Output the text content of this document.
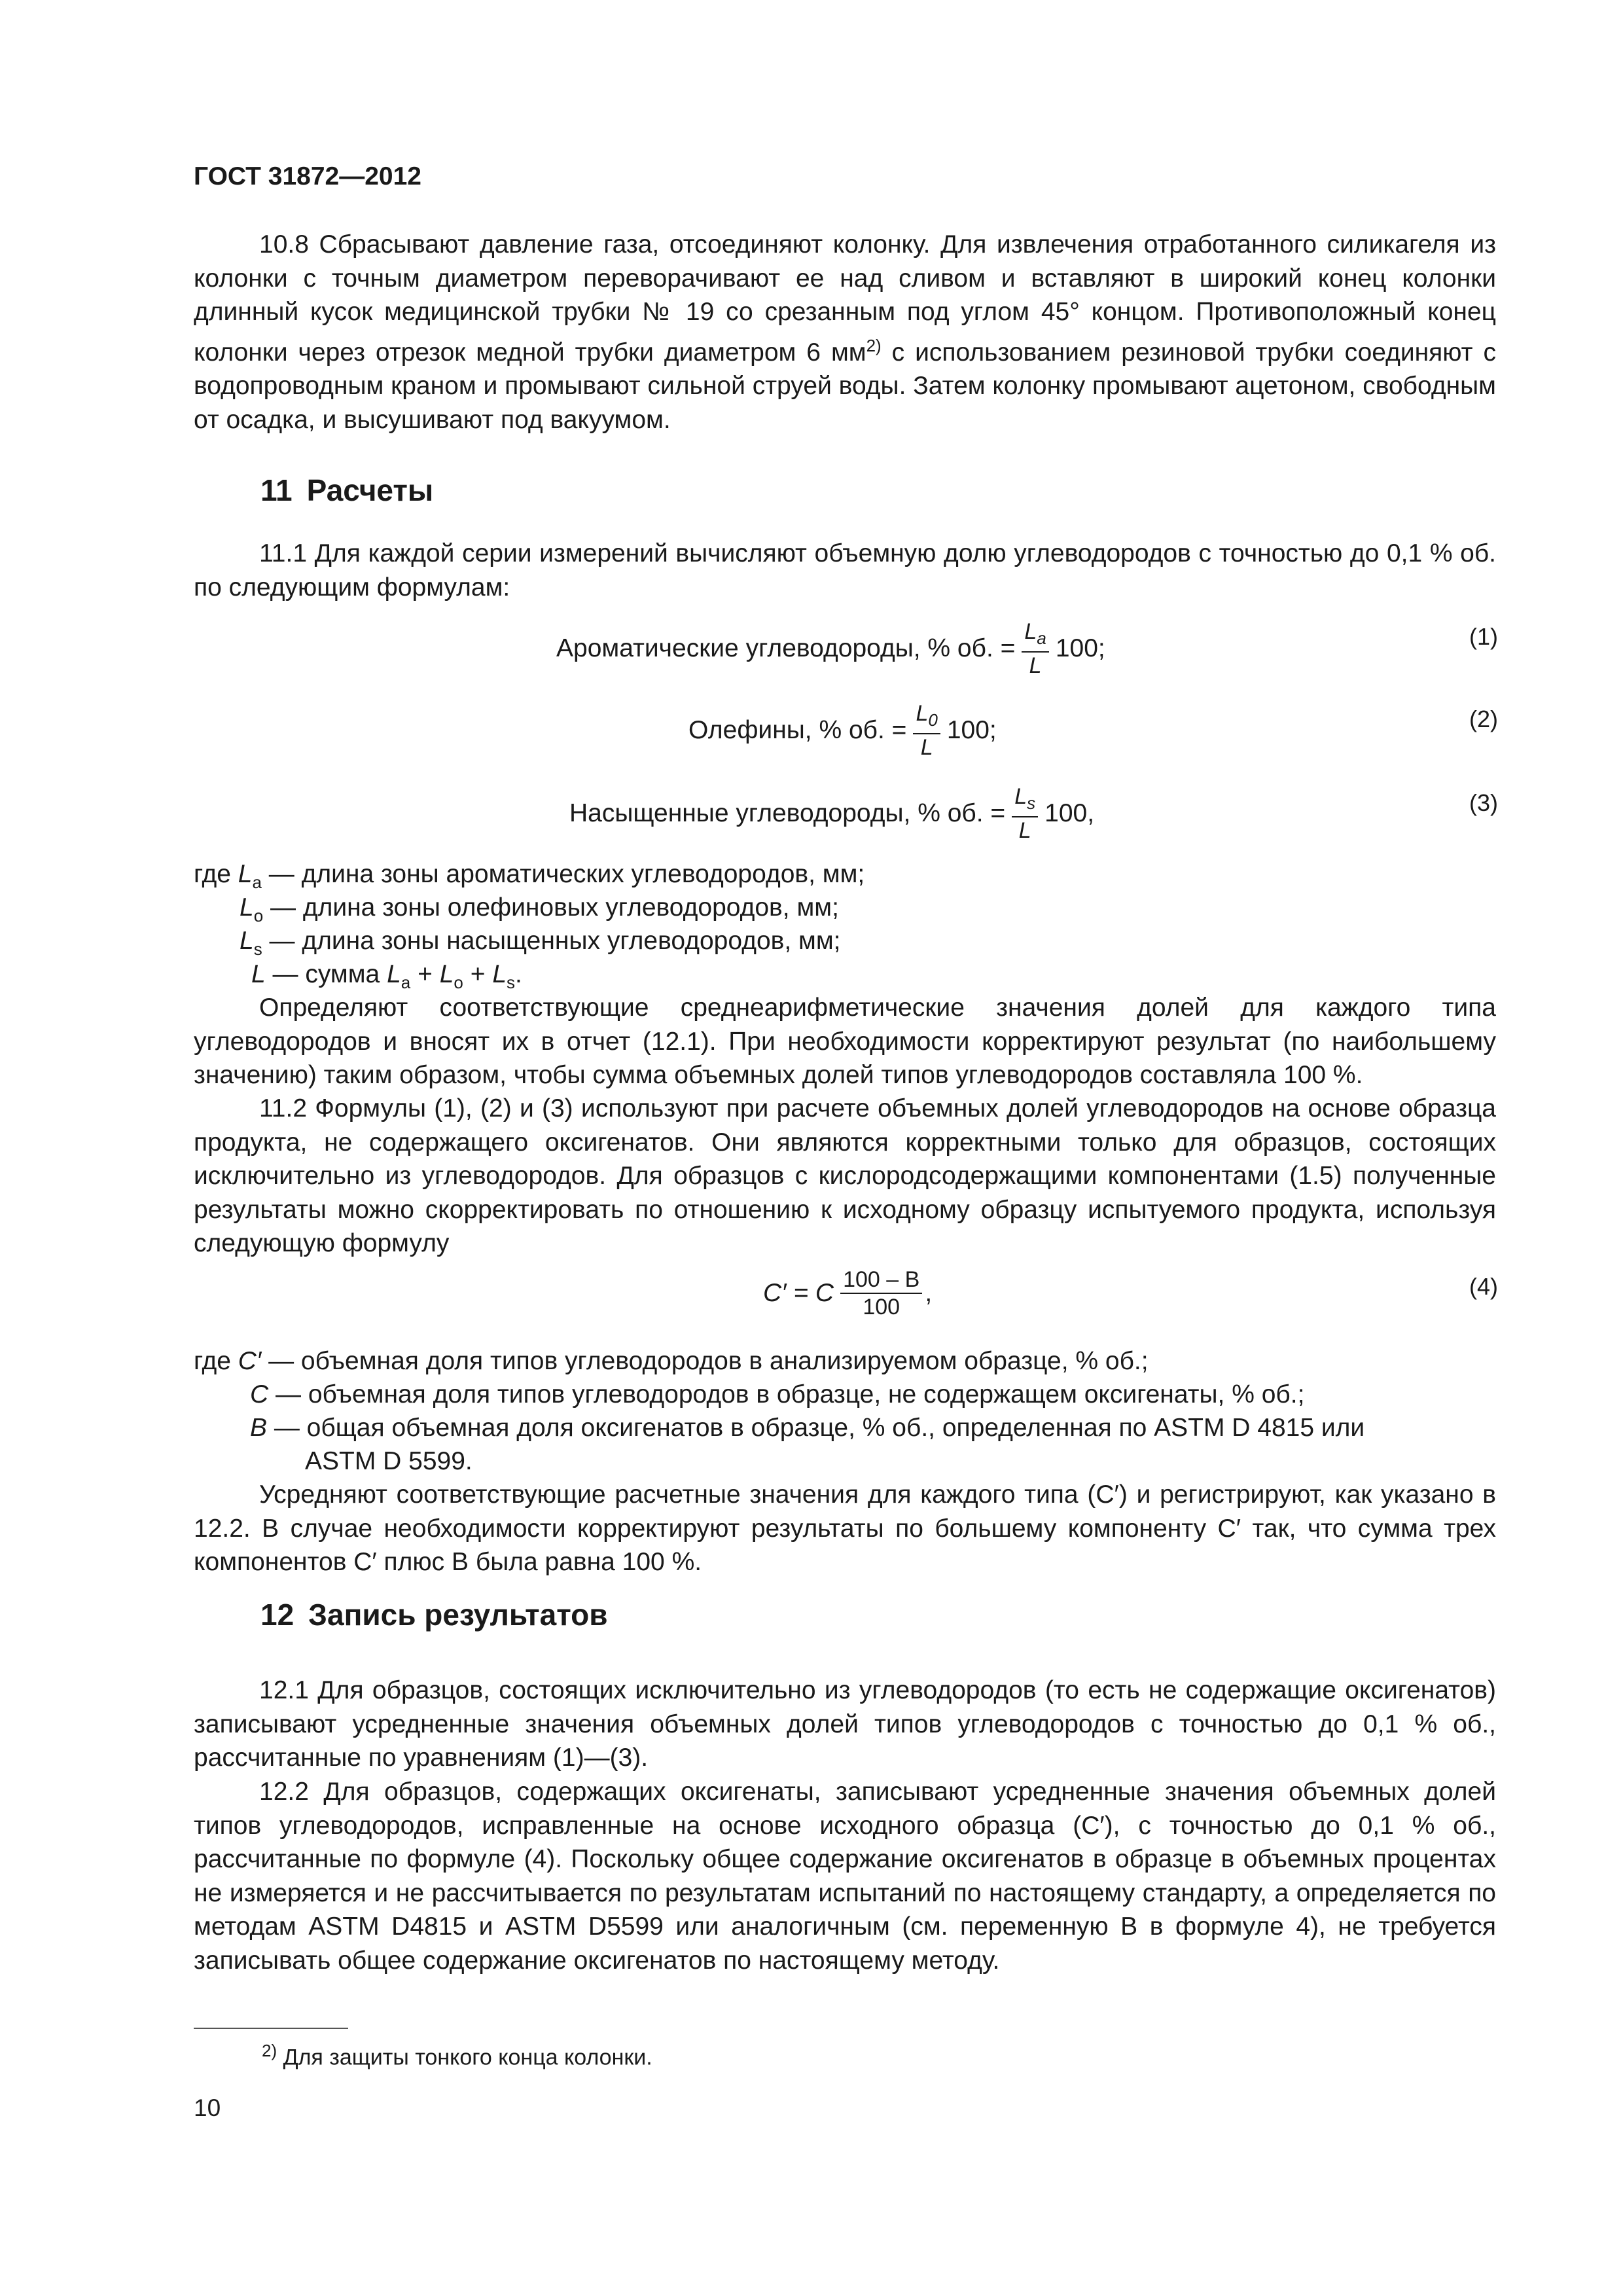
ГОСТ 31872—2012
10.8 Сбрасывают давление газа, отсоединяют колонку. Для извлечения отработанного силикагеля из колонки с точным диаметром переворачивают ее над сливом и вставляют в широкий конец колонки длинный кусок медицинской трубки № 19 со срезанным под углом 45° концом. Противоположный конец колонки через отрезок медной трубки диаметром 6 $мм^{2)}$ с использованием резиновой трубки соединяют с водопроводным краном и промывают сильной струей воды. Затем колонку промывают ацетоном, свободным от осадка, и высушивают под вакуумом.
11 Расчеты
11.1 Для каждой серии измерений вычисляют объемную долю углеводородов с точностью до 0,1 % об. по следующим формулам:
Ароматические углеводороды, % об. = $\frac{L_a}{L} 100$;	(1)
Олефины, % об. = $\frac{L_0}{L} 100$;	(2)
Насыщенные углеводороды, % об. = $\frac{L_s}{L} 100$,	(3)
где $L_a$ — длина зоны ароматических углеводородов, мм;
$L_o$ — длина зоны олефиновых углеводородов, мм;
$L_s$ — длина зоны насыщенных углеводородов, мм;
L — сумма $L_a + L_o + L_s$.
Определяют соответствующие среднеарифметические значения долей для каждого типа углеводородов и вносят их в отчет (12.1). При необходимости корректируют результат (по наибольшему значению) таким образом, чтобы сумма объемных долей типов углеводородов составляла 100 %.
11.2 Формулы (1), (2) и (3) используют при расчете объемных долей углеводородов на основе образца продукта, не содержащего оксигенатов. Они являются корректными только для образцов, состоящих исключительно из углеводородов. Для образцов с кислородсодержащими компонентами (1.5) полученные результаты можно скорректировать по отношению к исходному образцу испытуемого продукта, используя следующую формулу
C′ = C $\frac{100 - B}{100}$ ,	(4)
где C′ — объемная доля типов углеводородов в анализируемом образце, % об.;
C — объемная доля типов углеводородов в образце, не содержащем оксигенаты, % об.;
B — общая объемная доля оксигенатов в образце, % об., определенная по ASTM D 4815 или
ASTM D 5599.
Усредняют соответствующие расчетные значения для каждого типа (C′) и регистрируют, как указано в 12.2. В случае необходимости корректируют результаты по большему компоненту C′ так, что сумма трех компонентов C′ плюс B была равна 100 %.
12 Запись результатов
12.1 Для образцов, состоящих исключительно из углеводородов (то есть не содержащие оксигенатов) записывают усредненные значения объемных долей типов углеводородов с точностью до 0,1 % об., рассчитанные по уравнениям (1)—(3).
12.2 Для образцов, содержащих оксигенаты, записывают усредненные значения объемных долей типов углеводородов, исправленные на основе исходного образца (C′), с точностью до 0,1 % об., рассчитанные по формуле (4). Поскольку общее содержание оксигенатов в образце в объемных процентах не измеряется и не рассчитывается по результатам испытаний по настоящему стандарту, а определяется по методам ASTM D4815 и ASTM D5599 или аналогичным (см. переменную B в формуле 4), не требуется записывать общее содержание оксигенатов по настоящему методу.
$^{2)}$ Для защиты тонкого конца колонки.
10
